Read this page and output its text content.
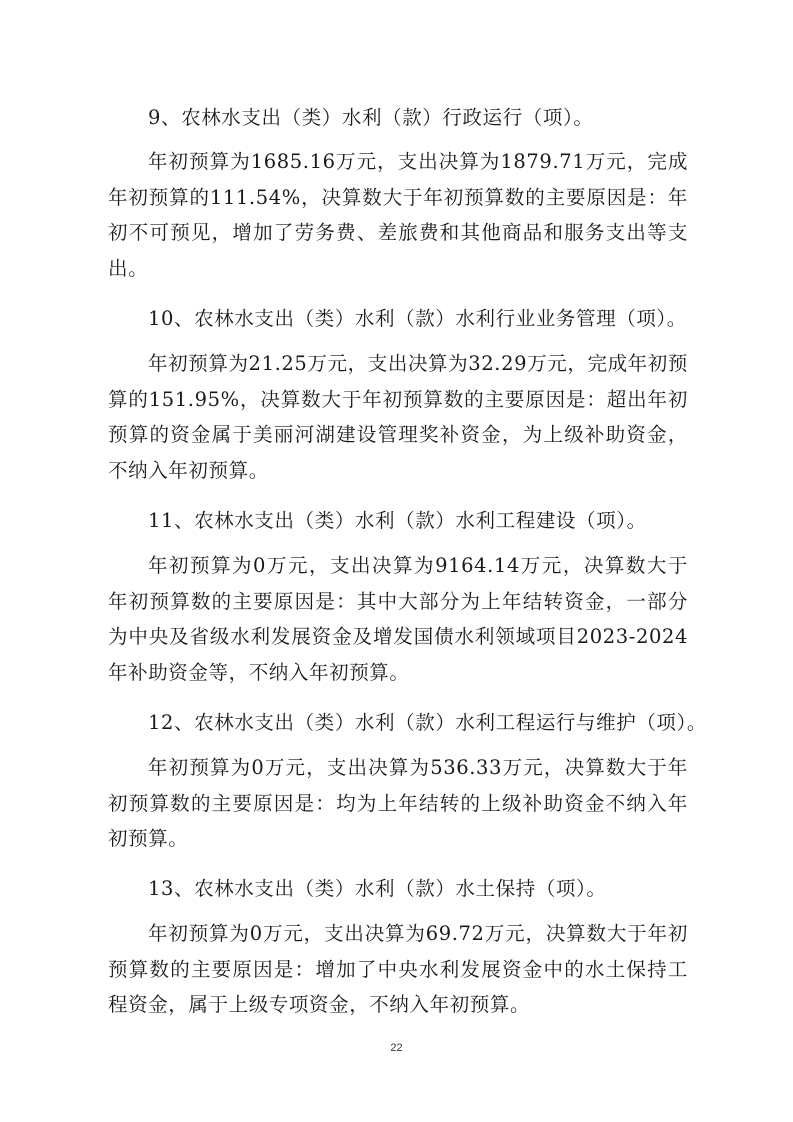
9、农林水支出（类）水利（款）行政运行（项）。

年初预算为1685.16万元，支出决算为1879.71万元，完成年初预算的111.54%，决算数大于年初预算数的主要原因是：年初不可预见，增加了劳务费、差旅费和其他商品和服务支出等支出。

10、农林水支出（类）水利（款）水利行业业务管理（项）。

年初预算为21.25万元，支出决算为32.29万元，完成年初预算的151.95%，决算数大于年初预算数的主要原因是：超出年初预算的资金属于美丽河湖建设管理奖补资金，为上级补助资金，不纳入年初预算。

11、农林水支出（类）水利（款）水利工程建设（项）。

年初预算为0万元，支出决算为9164.14万元，决算数大于年初预算数的主要原因是：其中大部分为上年结转资金，一部分为中央及省级水利发展资金及增发国债水利领域项目2023-2024年补助资金等，不纳入年初预算。

12、农林水支出（类）水利（款）水利工程运行与维护（项）。

年初预算为0万元，支出决算为536.33万元，决算数大于年初预算数的主要原因是：均为上年结转的上级补助资金不纳入年初预算。

13、农林水支出（类）水利（款）水土保持（项）。

年初预算为0万元，支出决算为69.72万元，决算数大于年初预算数的主要原因是：增加了中央水利发展资金中的水土保持工程资金，属于上级专项资金，不纳入年初预算。

22
